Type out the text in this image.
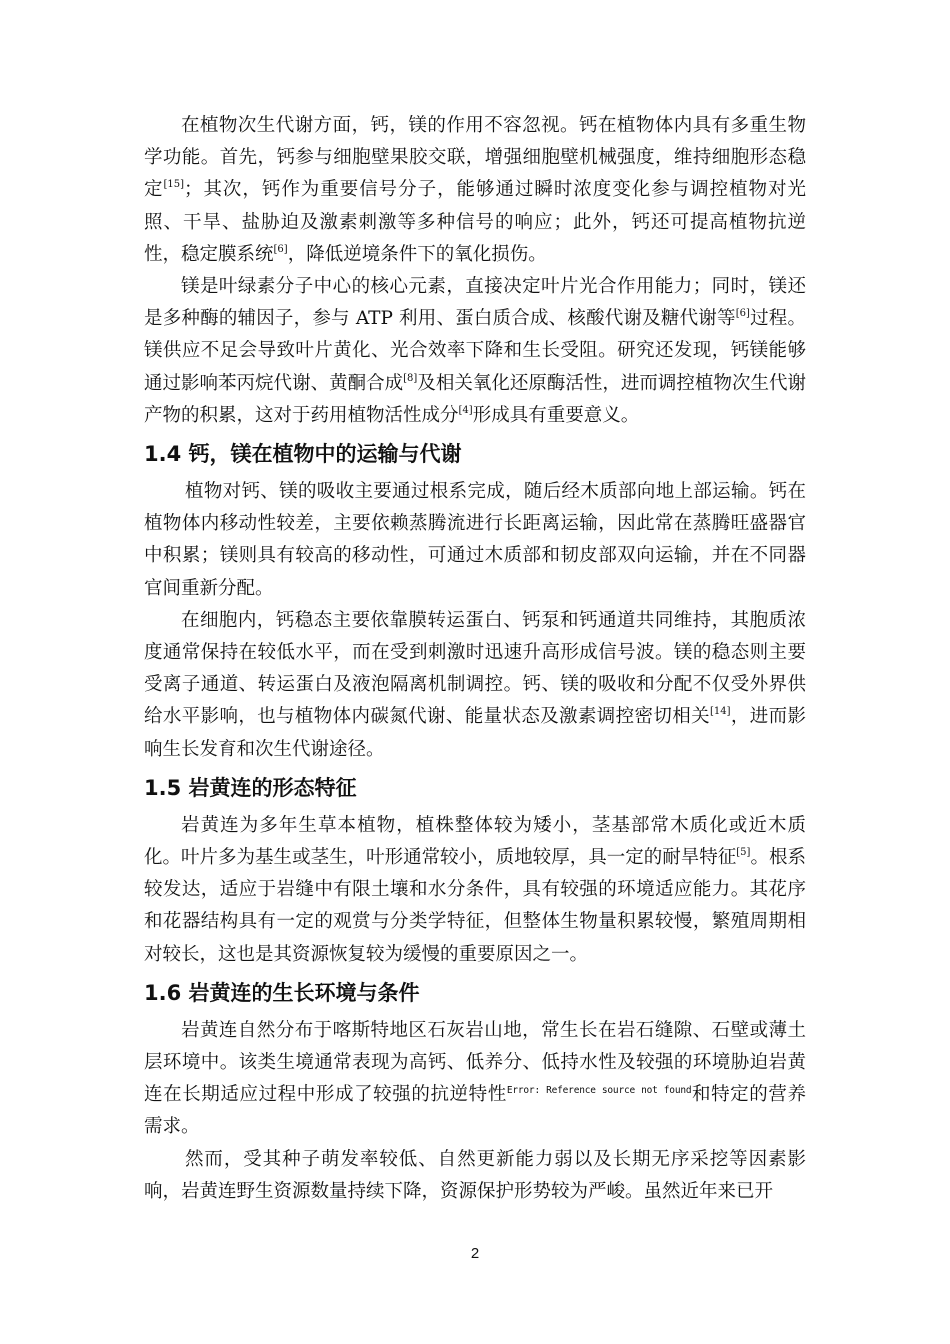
在植物次生代谢方面，钙，镁的作用不容忽视。钙在植物体内具有多重生物学功能。首先，钙参与细胞壁果胶交联，增强细胞壁机械强度，维持细胞形态稳定[15]；其次，钙作为重要信号分子，能够通过瞬时浓度变化参与调控植物对光照、干旱、盐胁迫及激素刺激等多种信号的响应；此外，钙还可提高植物抗逆性，稳定膜系统[6]，降低逆境条件下的氧化损伤。

镁是叶绿素分子中心的核心元素，直接决定叶片光合作用能力；同时，镁还是多种酶的辅因子，参与 ATP 利用、蛋白质合成、核酸代谢及糖代谢等[6]过程。镁供应不足会导致叶片黄化、光合效率下降和生长受阻。研究还发现，钙镁能够通过影响苯丙烷代谢、黄酮合成[8]及相关氧化还原酶活性，进而调控植物次生代谢产物的积累，这对于药用植物活性成分[4]形成具有重要意义。

1.4 钙，镁在植物中的运输与代谢

植物对钙、镁的吸收主要通过根系完成，随后经木质部向地上部运输。钙在植物体内移动性较差，主要依赖蒸腾流进行长距离运输，因此常在蒸腾旺盛器官中积累；镁则具有较高的移动性，可通过木质部和韧皮部双向运输，并在不同器官间重新分配。

在细胞内，钙稳态主要依靠膜转运蛋白、钙泵和钙通道共同维持，其胞质浓度通常保持在较低水平，而在受到刺激时迅速升高形成信号波。镁的稳态则主要受离子通道、转运蛋白及液泡隔离机制调控。钙、镁的吸收和分配不仅受外界供给水平影响，也与植物体内碳氮代谢、能量状态及激素调控密切相关[14]，进而影响生长发育和次生代谢途径。

1.5 岩黄连的形态特征

岩黄连为多年生草本植物，植株整体较为矮小，茎基部常木质化或近木质化。叶片多为基生或茎生，叶形通常较小，质地较厚，具一定的耐旱特征[5]。根系较发达，适应于岩缝中有限土壤和水分条件，具有较强的环境适应能力。其花序和花器结构具有一定的观赏与分类学特征，但整体生物量积累较慢，繁殖周期相对较长，这也是其资源恢复较为缓慢的重要原因之一。

1.6 岩黄连的生长环境与条件

岩黄连自然分布于喀斯特地区石灰岩山地，常生长在岩石缝隙、石壁或薄土层环境中。该类生境通常表现为高钙、低养分、低持水性及较强的环境胁迫岩黄连在长期适应过程中形成了较强的抗逆特性$^{Error: Reference source not found}$和特定的营养需求。

然而，受其种子萌发率较低、自然更新能力弱以及长期无序采挖等因素影响，岩黄连野生资源数量持续下降，资源保护形势较为严峻。虽然近年来已开

2
